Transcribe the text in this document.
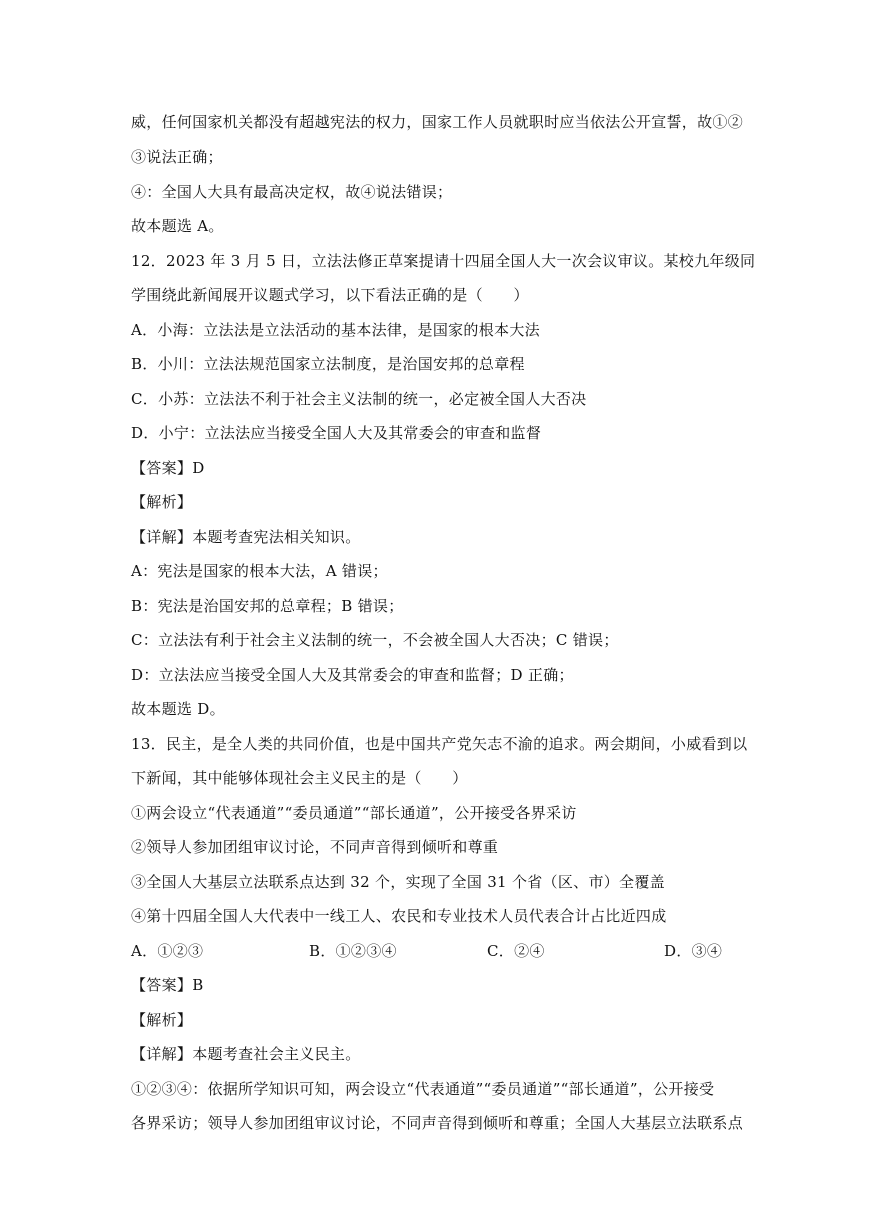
威，任何国家机关都没有超越宪法的权力，国家工作人员就职时应当依法公开宣誓，故①②
③说法正确；
④：全国人大具有最高决定权，故④说法错误；
故本题选 A。
12．2023 年 3 月 5 日，立法法修正草案提请十四届全国人大一次会议审议。某校九年级同
学围绕此新闻展开议题式学习，以下看法正确的是（　　）
A．小海：立法法是立法活动的基本法律，是国家的根本大法
B．小川：立法法规范国家立法制度，是治国安邦的总章程
C．小苏：立法法不利于社会主义法制的统一，必定被全国人大否决
D．小宁：立法法应当接受全国人大及其常委会的审查和监督
【答案】D
【解析】
【详解】本题考查宪法相关知识。
A：宪法是国家的根本大法，A 错误；
B：宪法是治国安邦的总章程；B 错误；
C：立法法有利于社会主义法制的统一，不会被全国人大否决；C 错误；
D：立法法应当接受全国人大及其常委会的审查和监督；D 正确；
故本题选 D。
13．民主，是全人类的共同价值，也是中国共产党矢志不渝的追求。两会期间，小威看到以
下新闻，其中能够体现社会主义民主的是（　　）
①两会设立“代表通道”“委员通道”“部长通道”，公开接受各界采访
②领导人参加团组审议讨论，不同声音得到倾听和尊重
③全国人大基层立法联系点达到 32 个，实现了全国 31 个省（区、市）全覆盖
④第十四届全国人大代表中一线工人、农民和专业技术人员代表合计占比近四成
A．①②③	B．①②③④	C．②④	D．③④
【答案】B
【解析】
【详解】本题考查社会主义民主。
①②③④：依据所学知识可知，两会设立“代表通道”“委员通道”“部长通道”，公开接受
各界采访；领导人参加团组审议讨论，不同声音得到倾听和尊重；全国人大基层立法联系点
